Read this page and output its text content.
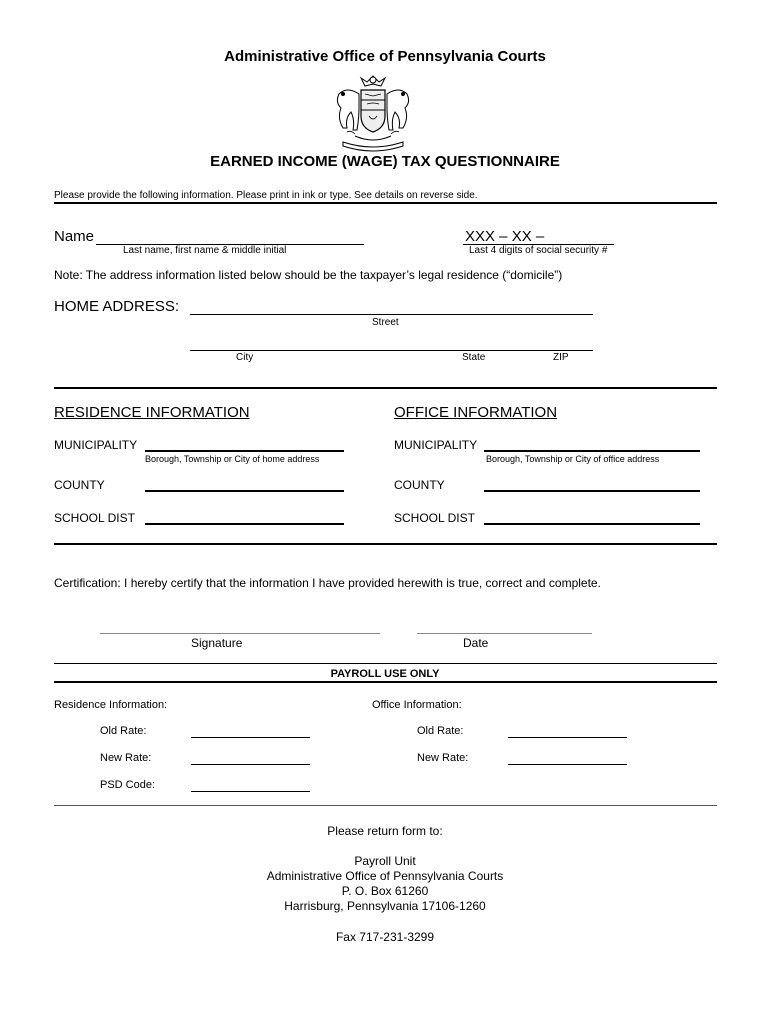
Administrative Office of Pennsylvania Courts
EARNED INCOME (WAGE) TAX QUESTIONNAIRE
Please provide the following information. Please print in ink or type. See details on reverse side.
Name
Last name, first name & middle initial
XXX – XX –
Last 4 digits of social security #
Note: The address information listed below should be the taxpayer’s legal residence (“domicile”)
HOME ADDRESS:
Street
City	State	ZIP
RESIDENCE INFORMATION	OFFICE INFORMATION
MUNICIPALITY
Borough, Township or City of home address
MUNICIPALITY
Borough, Township or City of office address
COUNTY	COUNTY
SCHOOL DIST	SCHOOL DIST
Certification: I hereby certify that the information I have provided herewith is true, correct and complete.
Signature	Date
PAYROLL USE ONLY
Residence Information:	Office Information:
Old Rate:	Old Rate:
New Rate:	New Rate:
PSD Code:
Please return form to:
Payroll Unit
Administrative Office of Pennsylvania Courts
P. O. Box 61260
Harrisburg, Pennsylvania 17106-1260
Fax 717-231-3299
